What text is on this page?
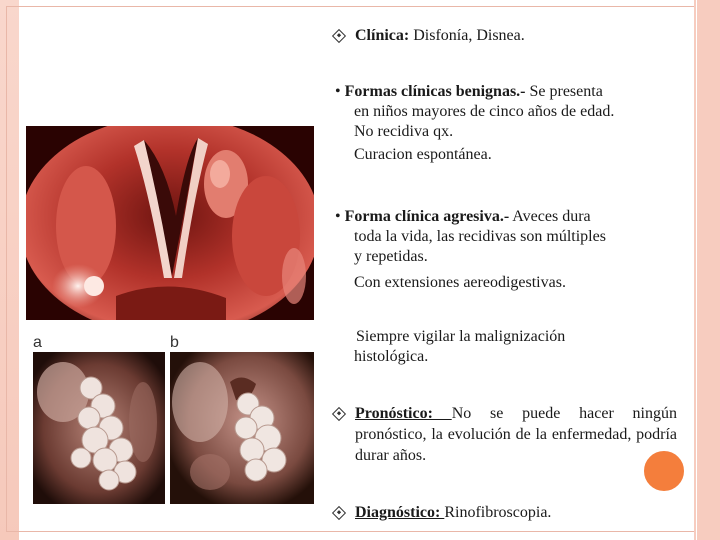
a	b
Clínica: Disfonía, Disnea.
• Formas clínicas benignas.- Se presenta
en niños mayores de cinco años de edad.
No recidiva qx.
Curacion espontánea.
• Forma clínica agresiva.- Aveces dura
toda la vida, las recidivas son múltiples
y repetidas.
Con extensiones aereodigestivas.
Siempre vigilar la malignización
histológica.
Pronóstico: No se puede hacer ningún pronóstico, la evolución de la enfermedad, podría durar años.
Diagnóstico: Rinofibroscopia.
